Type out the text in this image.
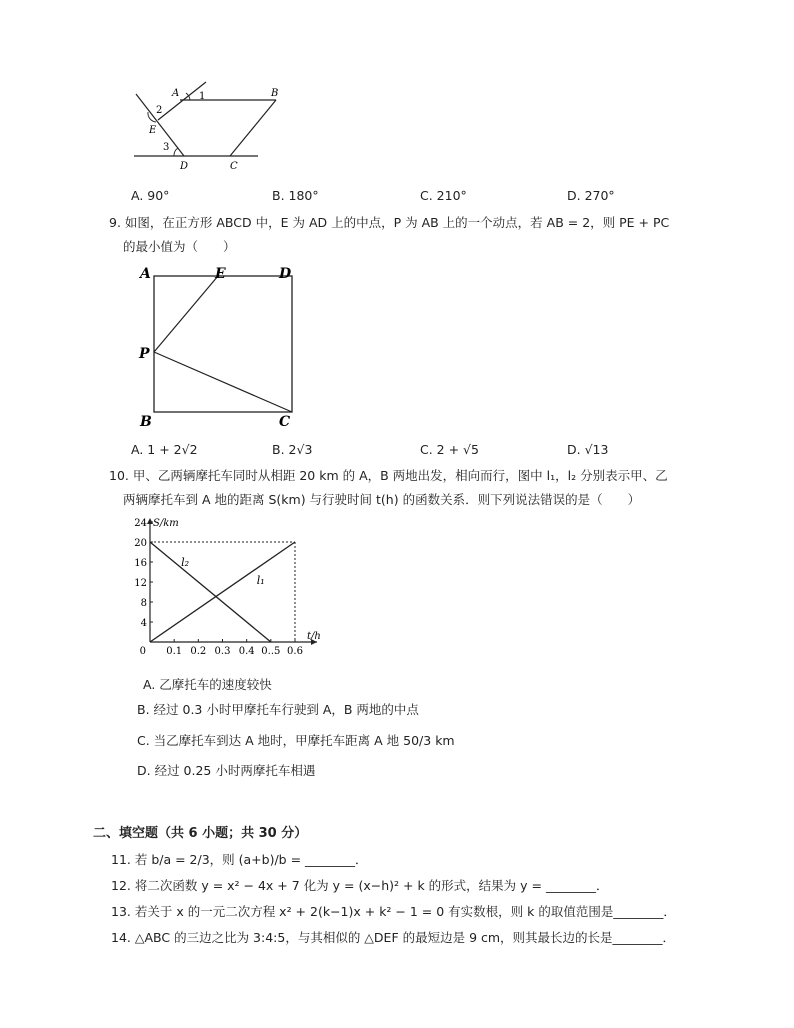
A 1	B
2
E
3
D	C
A. 90°	B. 180°	C. 210°	D. 270°
9. 如图，在正方形 ABCD 中，E 为 AD 上的中点，P 为 AB 上的一个动点，若 AB = 2，则 PE + PC
的最小值为（　　）
A	E	D
P
B	C
A. 1 + 2√2	B. 2√3	C. 2 + √5	D. √13
10. 甲、乙两辆摩托车同时从相距 20 km 的 A，B 两地出发，相向而行，图中 l₁，l₂ 分别表示甲、乙
两辆摩托车到 A 地的距离 S(km) 与行驶时间 t(h) 的函数关系．则下列说法错误的是（　　）
S/km
t/h
0
4
8
12
16
20
24
0.1 0.2 0.3 0.4 0..5 0.6
l₁
l₂
A. 乙摩托车的速度较快
B. 经过 0.3 小时甲摩托车行驶到 A，B 两地的中点
C. 当乙摩托车到达 A 地时，甲摩托车距离 A 地 50/3 km
D. 经过 0.25 小时两摩托车相遇
二、填空题（共 6 小题；共 30 分）
11. 若 b/a = 2/3，则 (a+b)/b = ________．
12. 将二次函数 y = x² − 4x + 7 化为 y = (x−h)² + k 的形式，结果为 y = ________．
13. 若关于 x 的一元二次方程 x² + 2(k−1)x + k² − 1 = 0 有实数根，则 k 的取值范围是________．
14. △ABC 的三边之比为 3:4:5，与其相似的 △DEF 的最短边是 9 cm，则其最长边的长是________．
